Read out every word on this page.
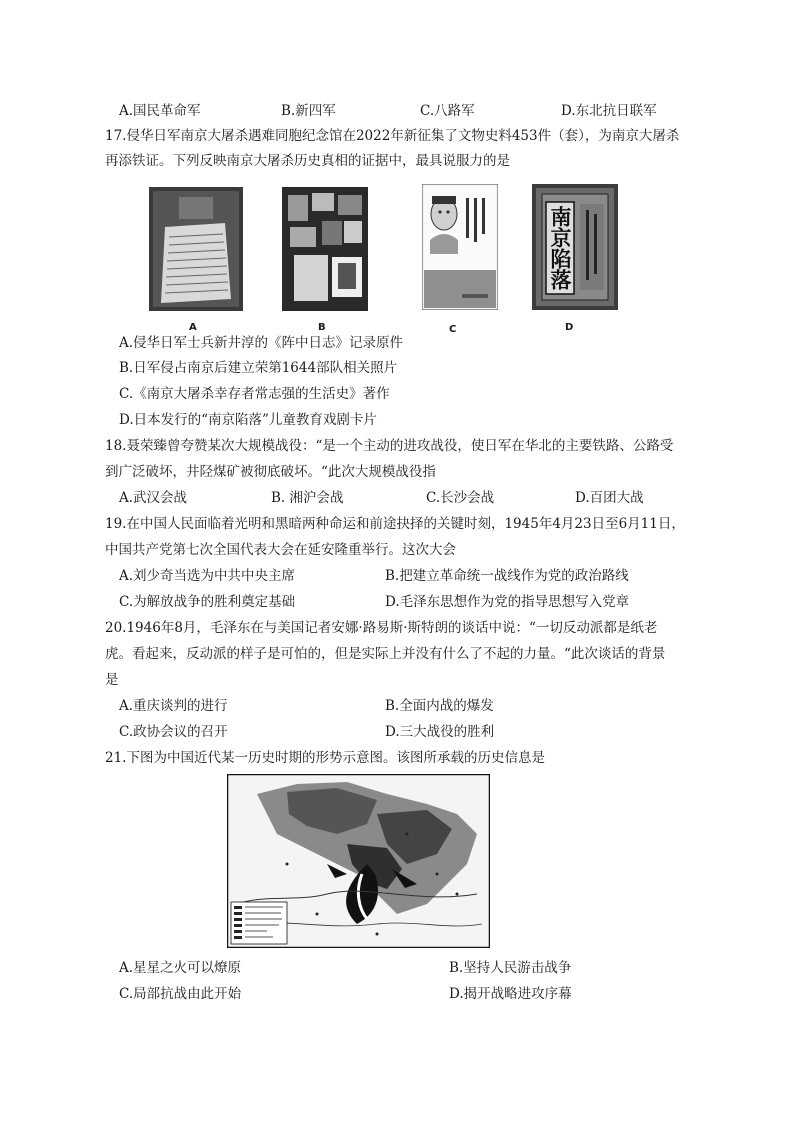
A.国民革命军	B.新四军	C.八路军	D.东北抗日联军
17.侵华日军南京大屠杀遇难同胞纪念馆在2022年新征集了文物史料453件（套），为南京大屠杀
再添铁证。下列反映南京大屠杀历史真相的证据中，最具说服力的是
A	B	C
南京陷落
D
A.侵华日军士兵新井淳的《阵中日志》记录原件
B.日军侵占南京后建立荣第1644部队相关照片
C.《南京大屠杀幸存者常志强的生活史》著作
D.日本发行的“南京陷落”儿童教育戏剧卡片
18.聂荣臻曾夸赞某次大规模战役：“是一个主动的进攻战役，使日军在华北的主要铁路、公路受
到广泛破坏，井陉煤矿被彻底破坏。“此次大规模战役指
A.武汉会战	B. 湘沪会战	C.长沙会战	D.百团大战
19.在中国人民面临着光明和黑暗两种命运和前途抉择的关键时刻，1945年4月23日至6月11日，
中国共产党第七次全国代表大会在延安隆重举行。这次大会
A.刘少奇当选为中共中央主席	B.把建立革命统一战线作为党的政治路线
C.为解放战争的胜利奠定基础	D.毛泽东思想作为党的指导思想写入党章
20.1946年8月，毛泽东在与美国记者安娜·路易斯·斯特朗的谈话中说：“一切反动派都是纸老
虎。看起来，反动派的样子是可怕的，但是实际上并没有什么了不起的力量。“此次谈话的背景
是
A.重庆谈判的进行	B.全面内战的爆发
C.政协会议的召开	D.三大战役的胜利
21.下图为中国近代某一历史时期的形势示意图。该图所承载的历史信息是
A.星星之火可以燎原	B.坚持人民游击战争
C.局部抗战由此开始	D.揭开战略进攻序幕
